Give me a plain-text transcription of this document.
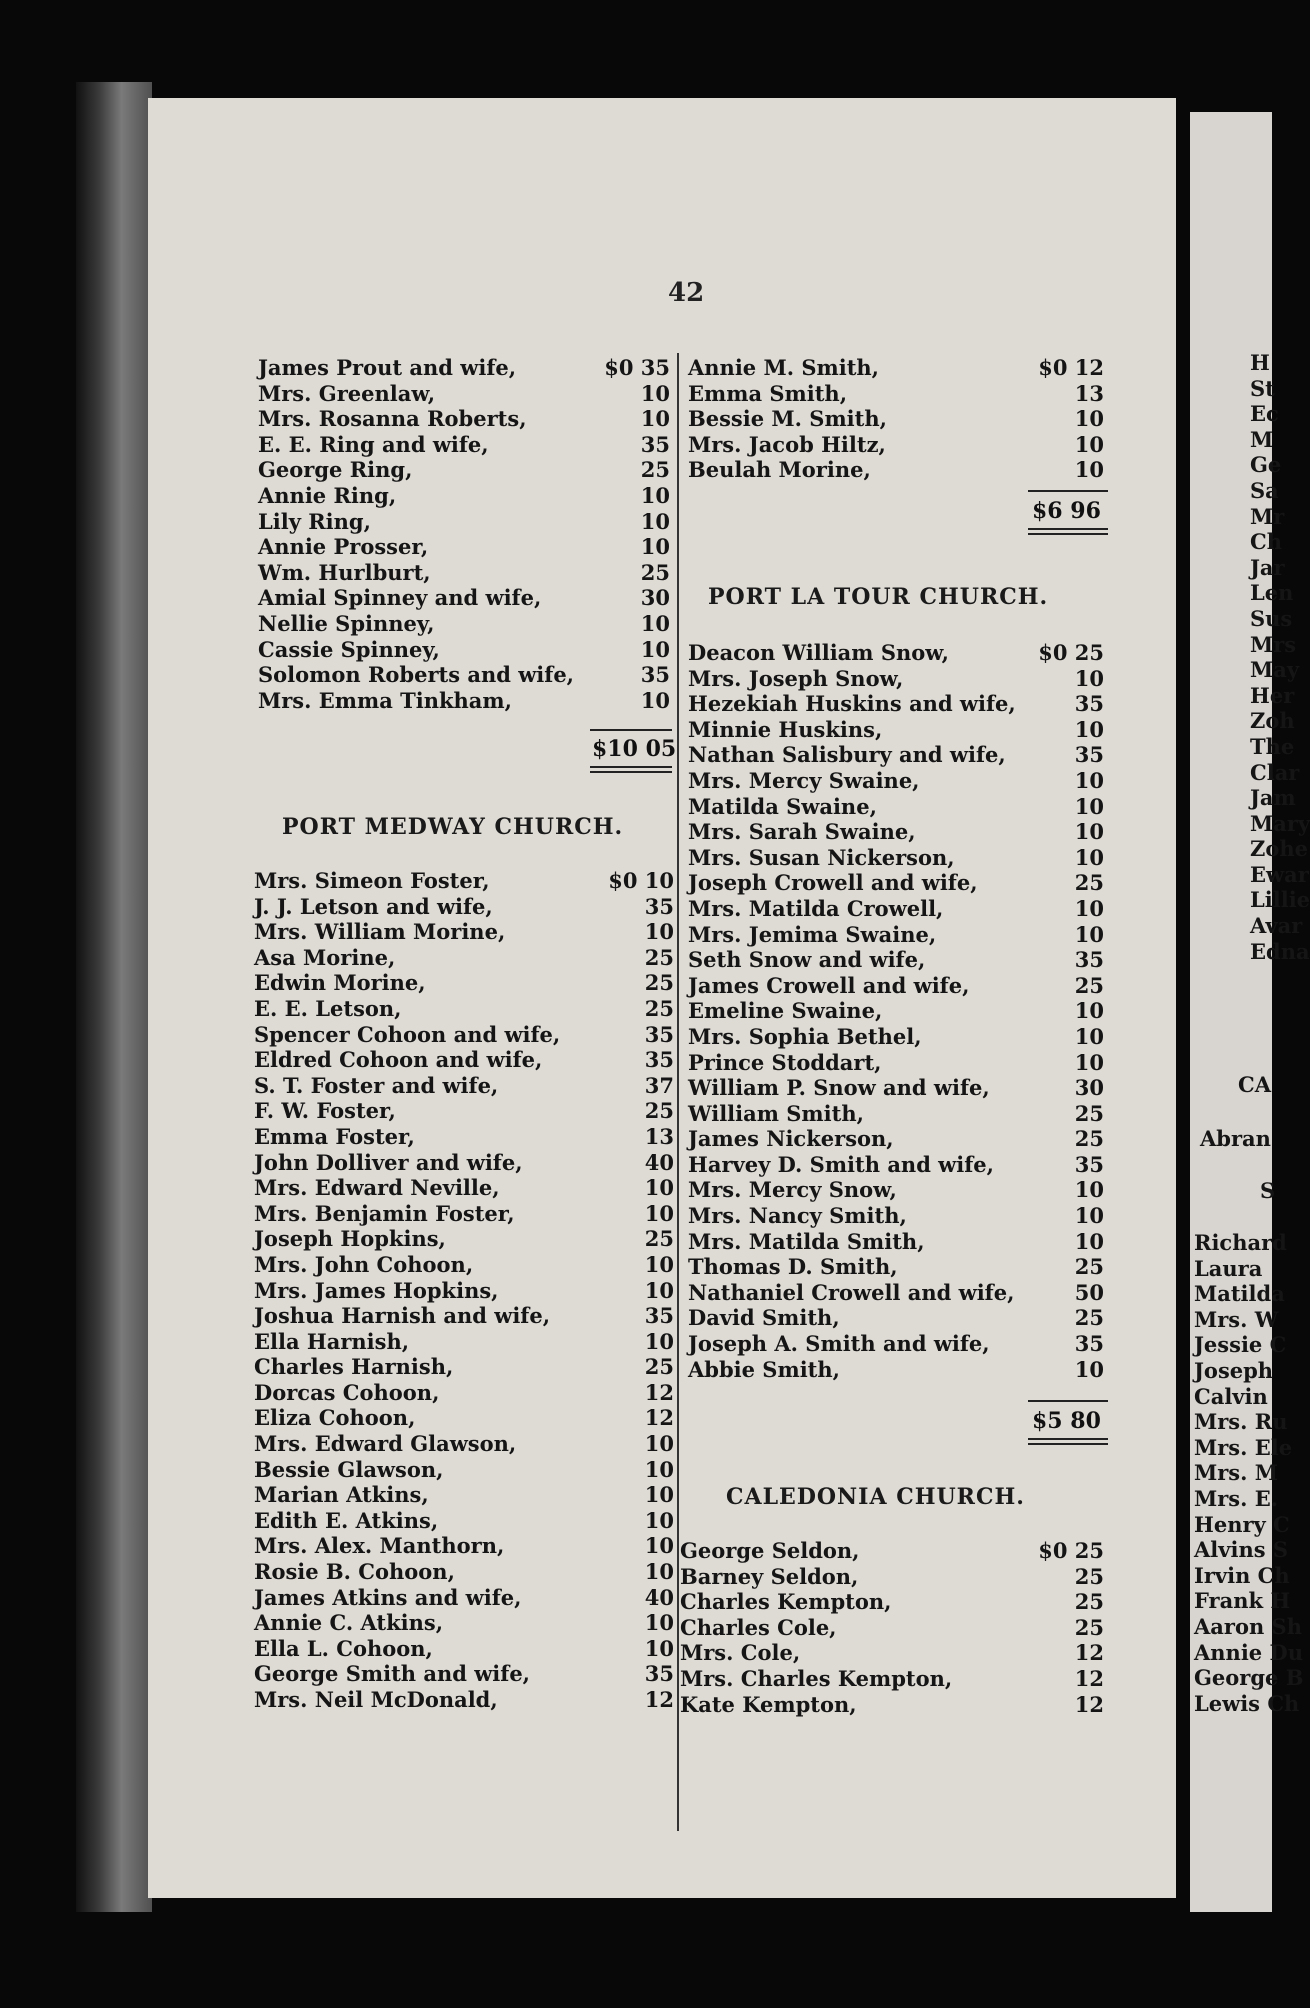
42
James Prout and wife,	$0 35
Mrs. Greenlaw,	10
Mrs. Rosanna Roberts,	10
E. E. Ring and wife,	35
George Ring,	25
Annie Ring,	10
Lily Ring,	10
Annie Prosser,	10
Wm. Hurlburt,	25
Amial Spinney and wife,	30
Nellie Spinney,	10
Cassie Spinney,	10
Solomon Roberts and wife,	35
Mrs. Emma Tinkham,	10
$10 05
PORT MEDWAY CHURCH.
Mrs. Simeon Foster,	$0 10
J. J. Letson and wife,	35
Mrs. William Morine,	10
Asa Morine,	25
Edwin Morine,	25
E. E. Letson,	25
Spencer Cohoon and wife,	35
Eldred Cohoon and wife,	35
S. T. Foster and wife,	37
F. W. Foster,	25
Emma Foster,	13
John Dolliver and wife,	40
Mrs. Edward Neville,	10
Mrs. Benjamin Foster,	10
Joseph Hopkins,	25
Mrs. John Cohoon,	10
Mrs. James Hopkins,	10
Joshua Harnish and wife,	35
Ella Harnish,	10
Charles Harnish,	25
Dorcas Cohoon,	12
Eliza Cohoon,	12
Mrs. Edward Glawson,	10
Bessie Glawson,	10
Marian Atkins,	10
Edith E. Atkins,	10
Mrs. Alex. Manthorn,	10
Rosie B. Cohoon,	10
James Atkins and wife,	40
Annie C. Atkins,	10
Ella L. Cohoon,	10
George Smith and wife,	35
Mrs. Neil McDonald,	12
Annie M. Smith,	$0 12
Emma Smith,	13
Bessie M. Smith,	10
Mrs. Jacob Hiltz,	10
Beulah Morine,	10
$6 96
PORT LA TOUR CHURCH.
Deacon William Snow,	$0 25
Mrs. Joseph Snow,	10
Hezekiah Huskins and wife,	35
Minnie Huskins,	10
Nathan Salisbury and wife,	35
Mrs. Mercy Swaine,	10
Matilda Swaine,	10
Mrs. Sarah Swaine,	10
Mrs. Susan Nickerson,	10
Joseph Crowell and wife,	25
Mrs. Matilda Crowell,	10
Mrs. Jemima Swaine,	10
Seth Snow and wife,	35
James Crowell and wife,	25
Emeline Swaine,	10
Mrs. Sophia Bethel,	10
Prince Stoddart,	10
William P. Snow and wife,	30
William Smith,	25
James Nickerson,	25
Harvey D. Smith and wife,	35
Mrs. Mercy Snow,	10
Mrs. Nancy Smith,	10
Mrs. Matilda Smith,	10
Thomas D. Smith,	25
Nathaniel Crowell and wife,	50
David Smith,	25
Joseph A. Smith and wife,	35
Abbie Smith,	10
$5 80
CALEDONIA CHURCH.
George Seldon,	$0 25
Barney Seldon,	25
Charles Kempton,	25
Charles Cole,	25
Mrs. Cole,	12
Mrs. Charles Kempton,	12
Kate Kempton,	12
H
St
Ec
M
Ge
Sa
Mr
Ch
Jar
Len
Sus
Mrs
May
Her
Zoh
The
Clar
Jam
Mary
Zohe
Ewar
Lillie
Avar
Edna
CA
Abran
S
Richard
Laura
Matilda
Mrs. W
Jessie C
Joseph
Calvin
Mrs. Ru
Mrs. Ele
Mrs. M
Mrs. E.
Henry C
Alvins S
Irvin Ch
Frank H
Aaron Sh
Annie Du
George B
Lewis Ch
